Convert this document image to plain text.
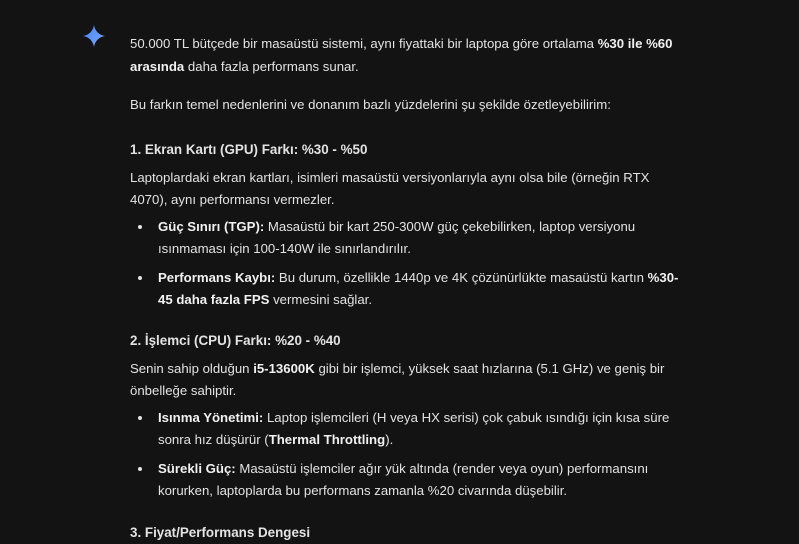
50.000 TL bütçede bir masaüstü sistemi, aynı fiyattaki bir laptopa göre ortalama %30 ile %60 arasında daha fazla performans sunar.

Bu farkın temel nedenlerini ve donanım bazlı yüzdelerini şu şekilde özetleyebilirim:

1. Ekran Kartı (GPU) Farkı: %30 - %50

Laptoplardaki ekran kartları, isimleri masaüstü versiyonlarıyla aynı olsa bile (örneğin RTX 4070), aynı performansı vermezler.

Güç Sınırı (TGP): Masaüstü bir kart 250-300W güç çekebilirken, laptop versiyonu ısınmaması için 100-140W ile sınırlandırılır.
Performans Kaybı: Bu durum, özellikle 1440p ve 4K çözünürlükte masaüstü kartın %30-45 daha fazla FPS vermesini sağlar.
2. İşlemci (CPU) Farkı: %20 - %40

Senin sahip olduğun i5-13600K gibi bir işlemci, yüksek saat hızlarına (5.1 GHz) ve geniş bir önbelleğe sahiptir.

Isınma Yönetimi: Laptop işlemcileri (H veya HX serisi) çok çabuk ısındığı için kısa süre sonra hız düşürür (Thermal Throttling).
Sürekli Güç: Masaüstü işlemciler ağır yük altında (render veya oyun) performansını korurken, laptoplarda bu performans zamanla %20 civarında düşebilir.
3. Fiyat/Performans Dengesi
